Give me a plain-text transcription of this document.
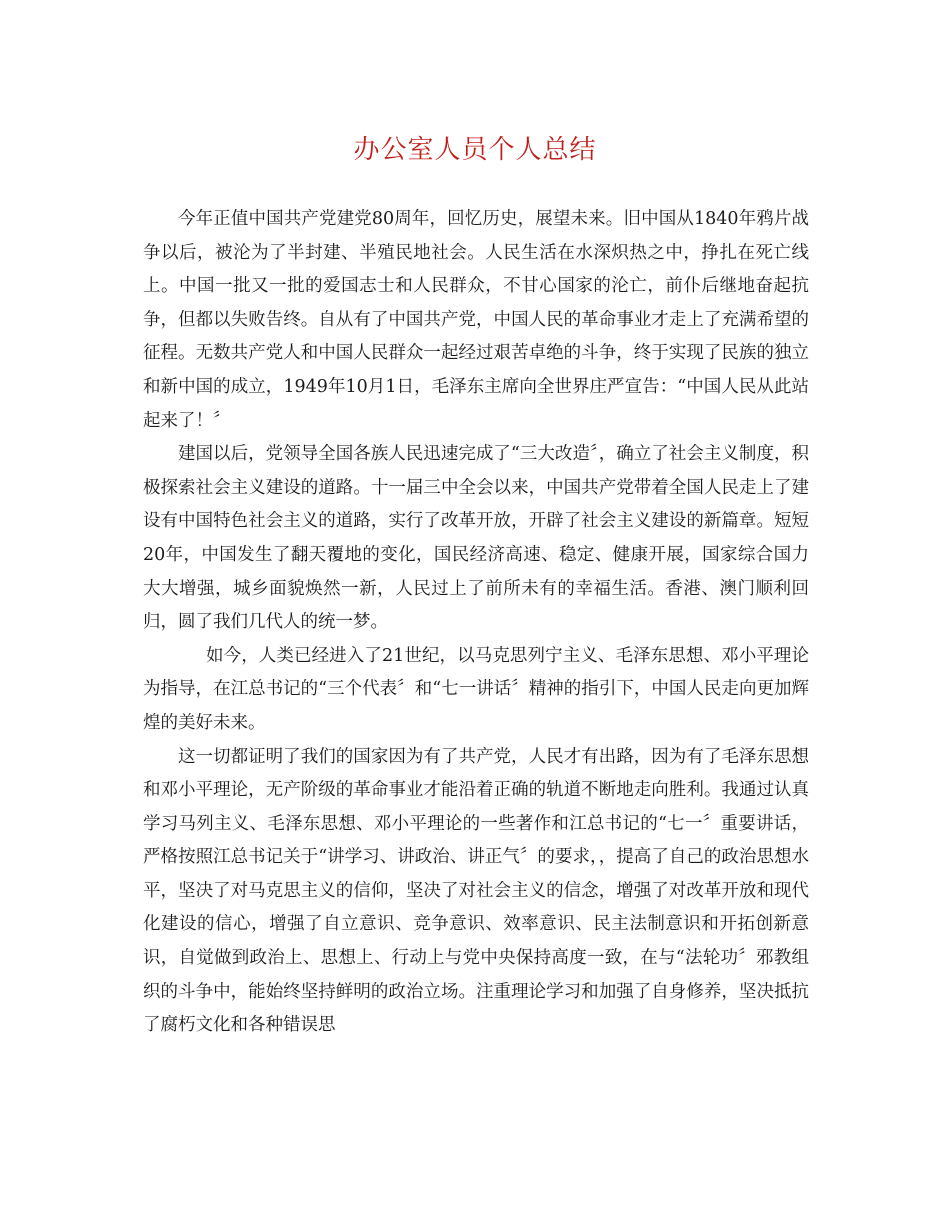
办公室人员个人总结

今年正值中国共产党建党80周年，回忆历史，展望未来。旧中国从1840年鸦片战争以后，被沦为了半封建、半殖民地社会。人民生活在水深炽热之中，挣扎在死亡线上。中国一批又一批的爱国志士和人民群众，不甘心国家的沦亡，前仆后继地奋起抗争，但都以失败告终。自从有了中国共产党，中国人民的革命事业才走上了充满希望的征程。无数共产党人和中国人民群众一起经过艰苦卓绝的斗争，终于实现了民族的独立和新中国的成立，1949年10月1日，毛泽东主席向全世界庄严宣告：“中国人民从此站起来了！〞

建国以后，党领导全国各族人民迅速完成了“三大改造〞，确立了社会主义制度，积极探索社会主义建设的道路。十一届三中全会以来，中国共产党带着全国人民走上了建设有中国特色社会主义的道路，实行了改革开放，开辟了社会主义建设的新篇章。短短20年，中国发生了翻天覆地的变化，国民经济高速、稳定、健康开展，国家综合国力大大增强，城乡面貌焕然一新，人民过上了前所未有的幸福生活。香港、澳门顺利回归，圆了我们几代人的统一梦。

如今，人类已经进入了21世纪，以马克思列宁主义、毛泽东思想、邓小平理论为指导，在江总书记的“三个代表〞和“七一讲话〞精神的指引下，中国人民走向更加辉煌的美好未来。

这一切都证明了我们的国家因为有了共产党，人民才有出路，因为有了毛泽东思想和邓小平理论，无产阶级的革命事业才能沿着正确的轨道不断地走向胜利。我通过认真学习马列主义、毛泽东思想、邓小平理论的一些著作和江总书记的“七一〞重要讲话，严格按照江总书记关于“讲学习、讲政治、讲正气〞的要求，，提高了自己的政治思想水平，坚决了对马克思主义的信仰，坚决了对社会主义的信念，增强了对改革开放和现代化建设的信心，增强了自立意识、竞争意识、效率意识、民主法制意识和开拓创新意识，自觉做到政治上、思想上、行动上与党中央保持高度一致，在与“法轮功〞邪教组织的斗争中，能始终坚持鲜明的政治立场。注重理论学习和加强了自身修养，坚决抵抗了腐朽文化和各种错误思
